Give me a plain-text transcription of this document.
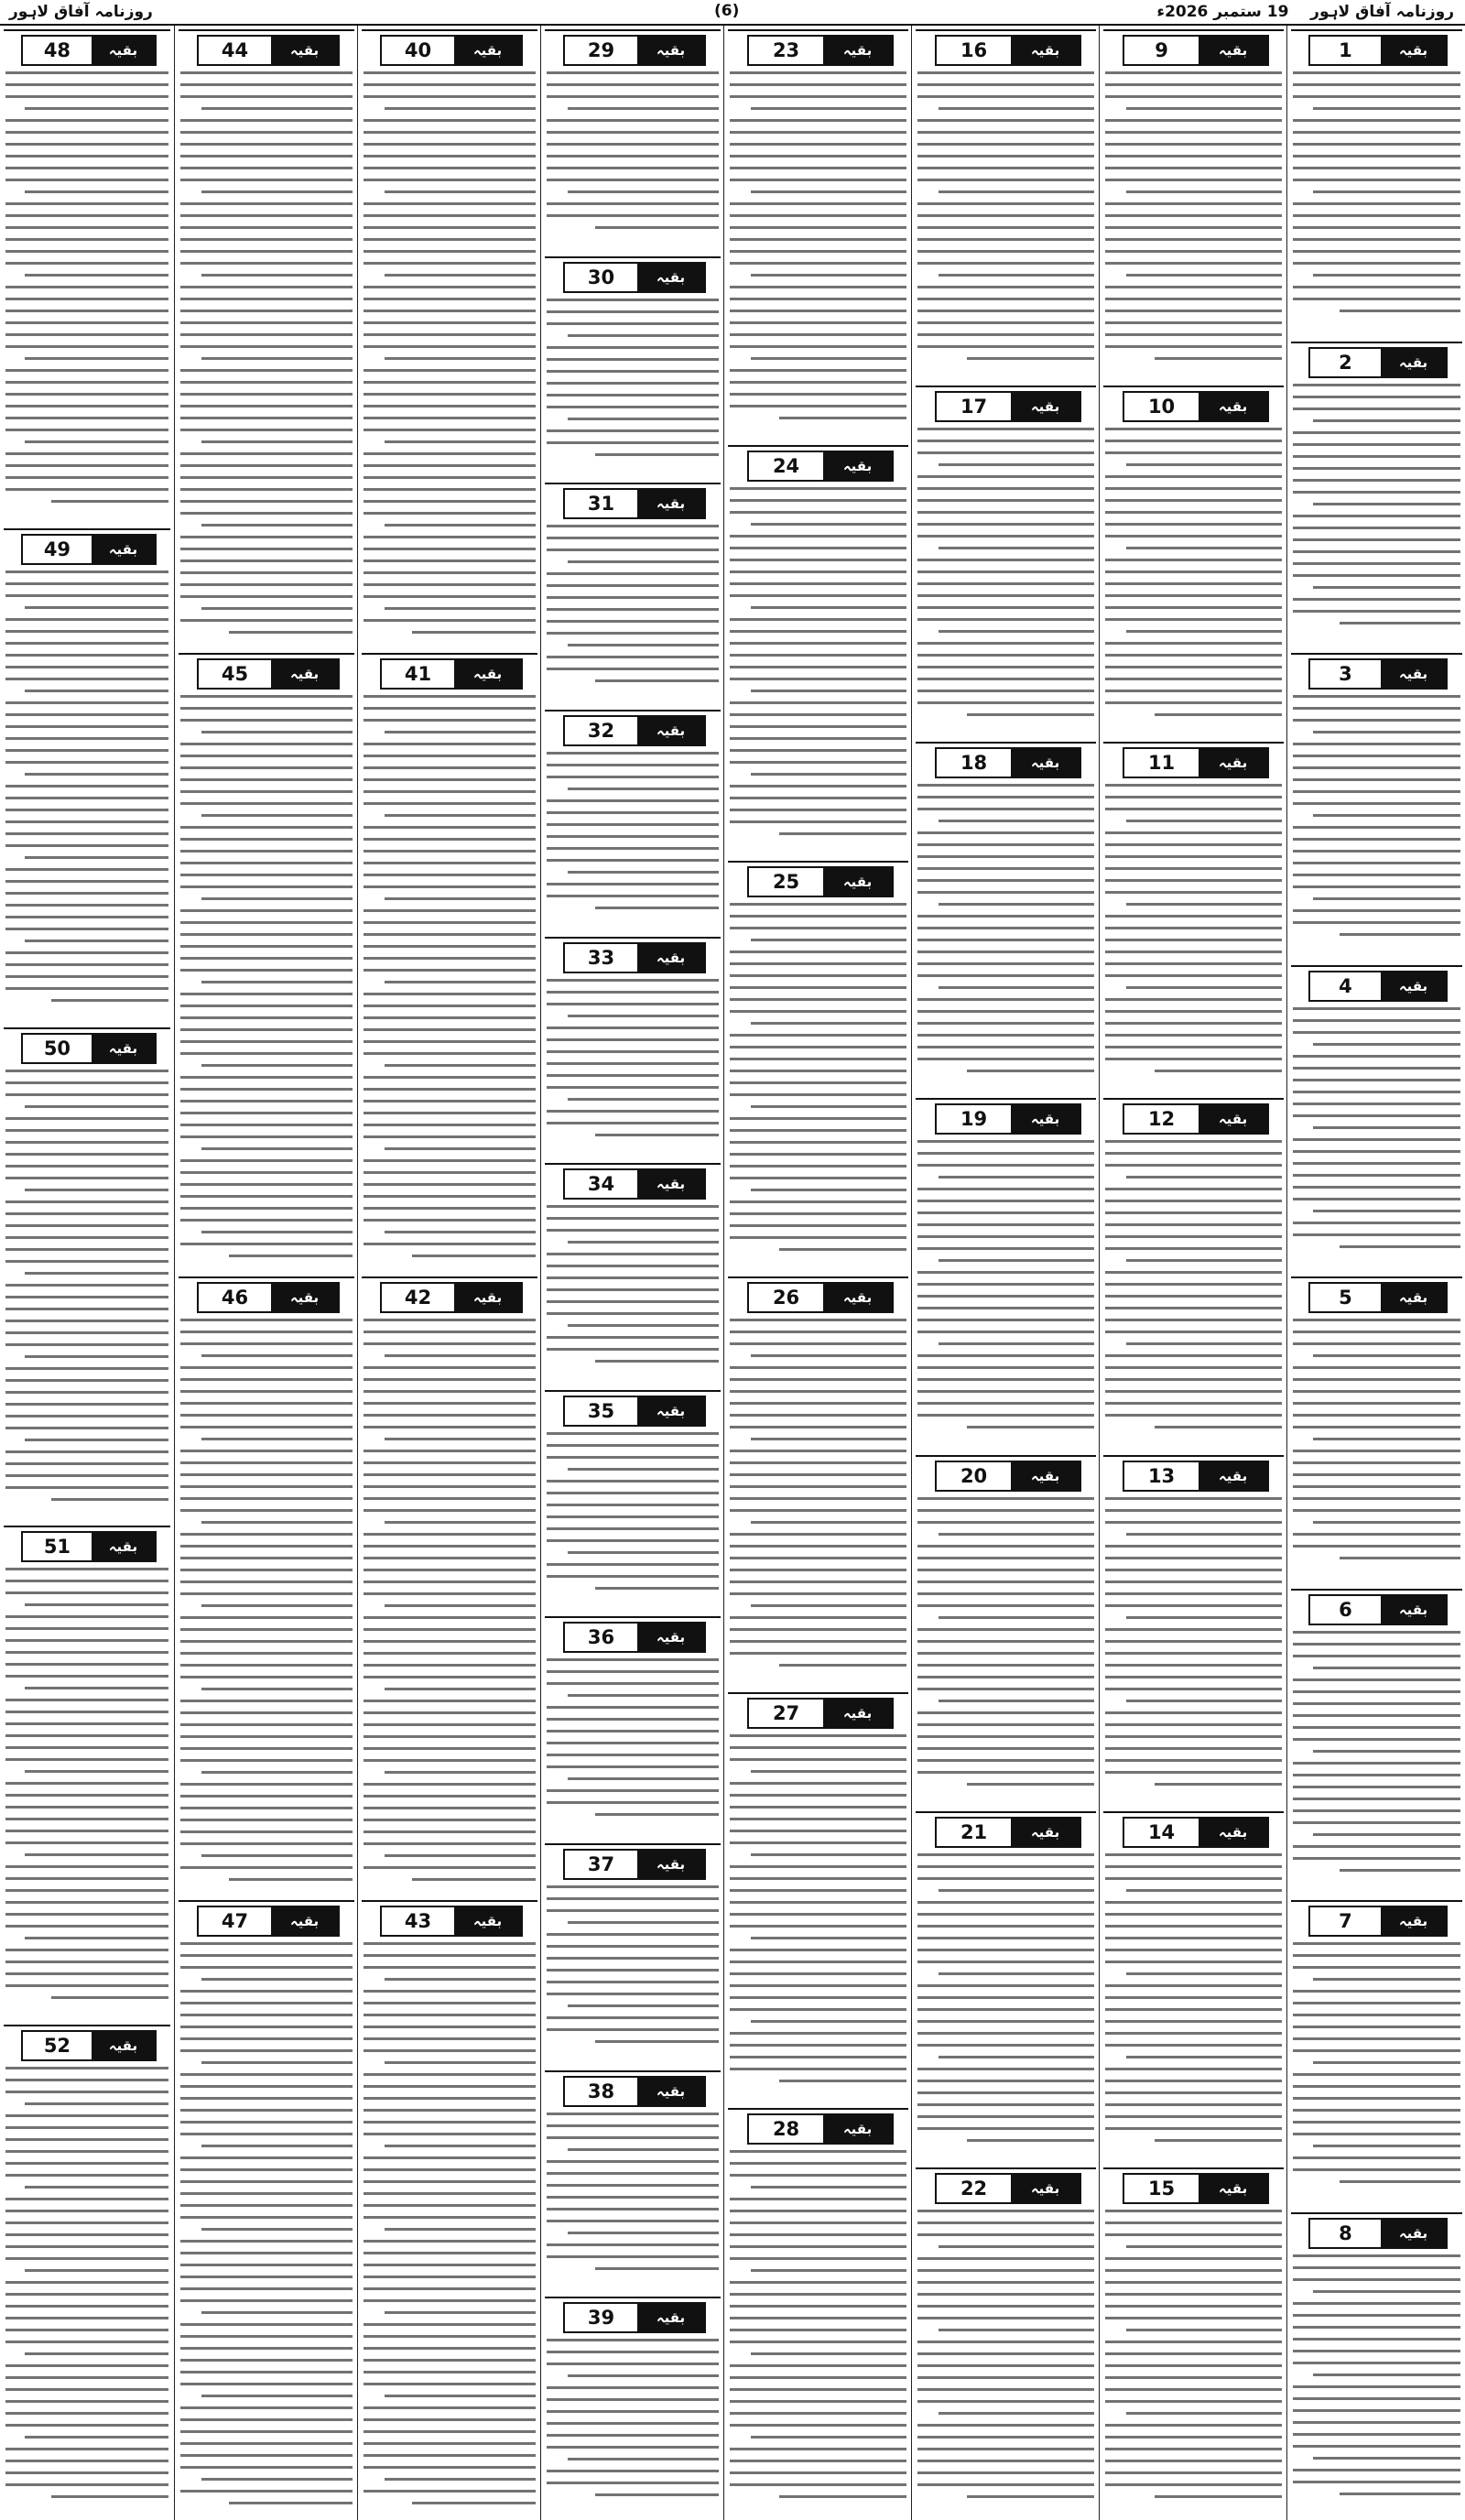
روزنامہ آفاق لاہور    19 ستمبر 2026ء
(6)
روزنامہ آفاق لاہور
1	بقیہ
2	بقیہ
3	بقیہ
4	بقیہ
5	بقیہ
6	بقیہ
7	بقیہ
8	بقیہ
9	بقیہ
10	بقیہ
11	بقیہ
12	بقیہ
13	بقیہ
14	بقیہ
15	بقیہ
16	بقیہ
17	بقیہ
18	بقیہ
19	بقیہ
20	بقیہ
21	بقیہ
22	بقیہ
23	بقیہ
24	بقیہ
25	بقیہ
26	بقیہ
27	بقیہ
28	بقیہ
29	بقیہ
30	بقیہ
31	بقیہ
32	بقیہ
33	بقیہ
34	بقیہ
35	بقیہ
36	بقیہ
37	بقیہ
38	بقیہ
39	بقیہ
40	بقیہ
41	بقیہ
42	بقیہ
43	بقیہ
44	بقیہ
45	بقیہ
46	بقیہ
47	بقیہ
48	بقیہ
49	بقیہ
50	بقیہ
51	بقیہ
52	بقیہ
